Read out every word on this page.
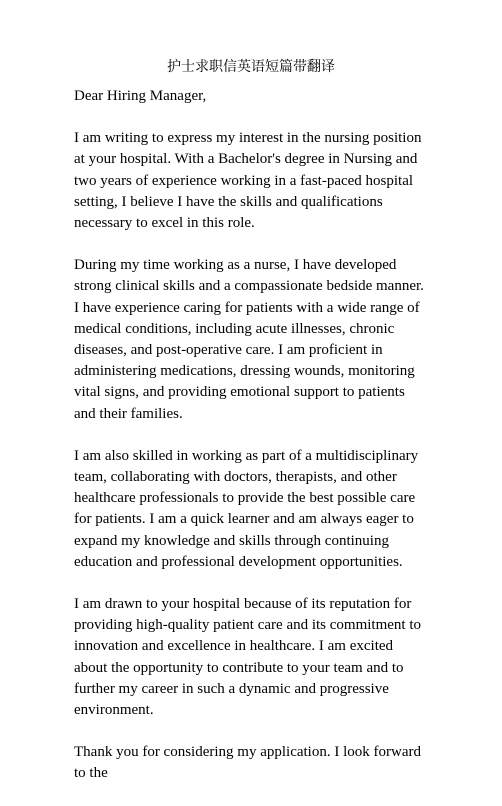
护士求职信英语短篇带翻译

Dear Hiring Manager,

I am writing to express my interest in the nursing position at your hospital. With a Bachelor's degree in Nursing and two years of experience working in a fast-paced hospital setting, I believe I have the skills and qualifications necessary to excel in this role.

During my time working as a nurse, I have developed strong clinical skills and a compassionate bedside manner. I have experience caring for patients with a wide range of medical conditions, including acute illnesses, chronic diseases, and post-operative care. I am proficient in administering medications, dressing wounds, monitoring vital signs, and providing emotional support to patients and their families.

I am also skilled in working as part of a multidisciplinary team, collaborating with doctors, therapists, and other healthcare professionals to provide the best possible care for patients. I am a quick learner and am always eager to expand my knowledge and skills through continuing education and professional development opportunities.

I am drawn to your hospital because of its reputation for providing high-quality patient care and its commitment to innovation and excellence in healthcare. I am excited about the opportunity to contribute to your team and to further my career in such a dynamic and progressive environment.

Thank you for considering my application. I look forward to the
